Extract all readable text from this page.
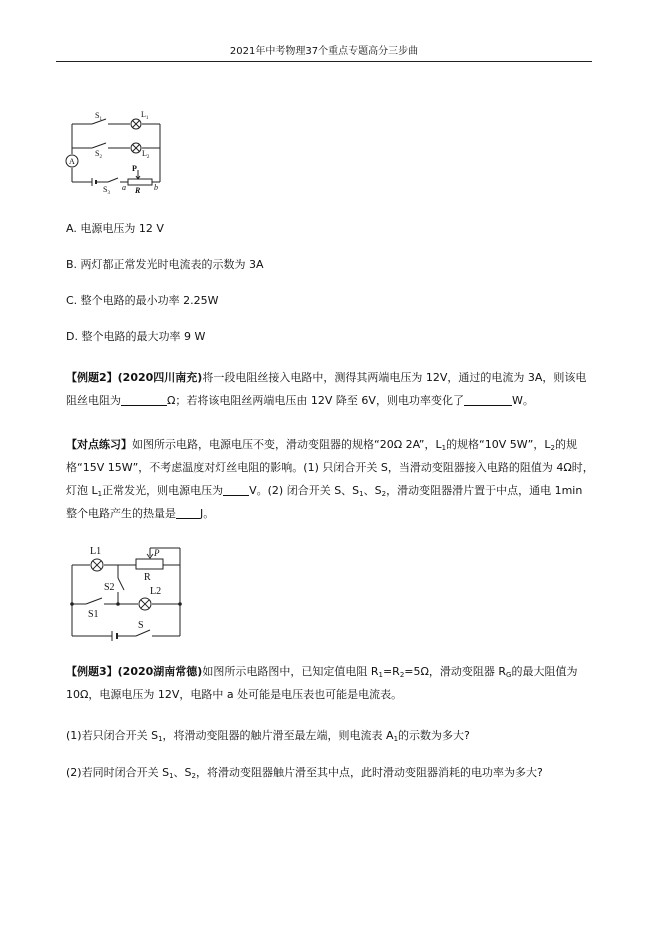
2021年中考物理37个重点专题高分三步曲
$S_1$
$L_1$
$S_2$	$L_2$
A
$S_3$
P
a R b
A. 电源电压为 12 V
B. 两灯都正常发光时电流表的示数为 3A
C. 整个电路的最小功率 2.25W
D. 整个电路的最大功率 9 W
【例题2】(2020四川南充)将一段电阻丝接入电路中，测得其两端电压为 12V，通过的电流为 3A，则该电阻丝电阻为	Ω；若将该电阻丝两端电压由 12V 降至 6V，则电功率变化了	W。
【对点练习】如图所示电路，电源电压不变，滑动变阻器的规格“20Ω 2A”，$L_1$的规格“10V 5W”，$L_2$的规格“15V 15W”，不考虑温度对灯丝电阻的影响。(1) 只闭合开关 S，当滑动变阻器接入电路的阻值为 4Ω时，灯泡 $L_1$正常发光，则电源电压为 V。(2) 闭合开关 S、$S_1$、$S_2$，滑动变阻器滑片置于中点，通电 1min 整个电路产生的热量是 J。
L1	P
R
S2	L2
S1
S
【例题3】(2020湖南常德)如图所示电路图中，已知定值电阻 $R_1=R_2=5\Omega$，滑动变阻器 $R_G$的最大阻值为 10Ω，电源电压为 12V，电路中 a 处可能是电压表也可能是电流表。
(1)若只闭合开关 $S_1$，将滑动变阻器的触片滑至最左端，则电流表 $A_1$的示数为多大?
(2)若同时闭合开关 $S_1$、$S_2$，将滑动变阻器触片滑至其中点，此时滑动变阻器消耗的电功率为多大?
